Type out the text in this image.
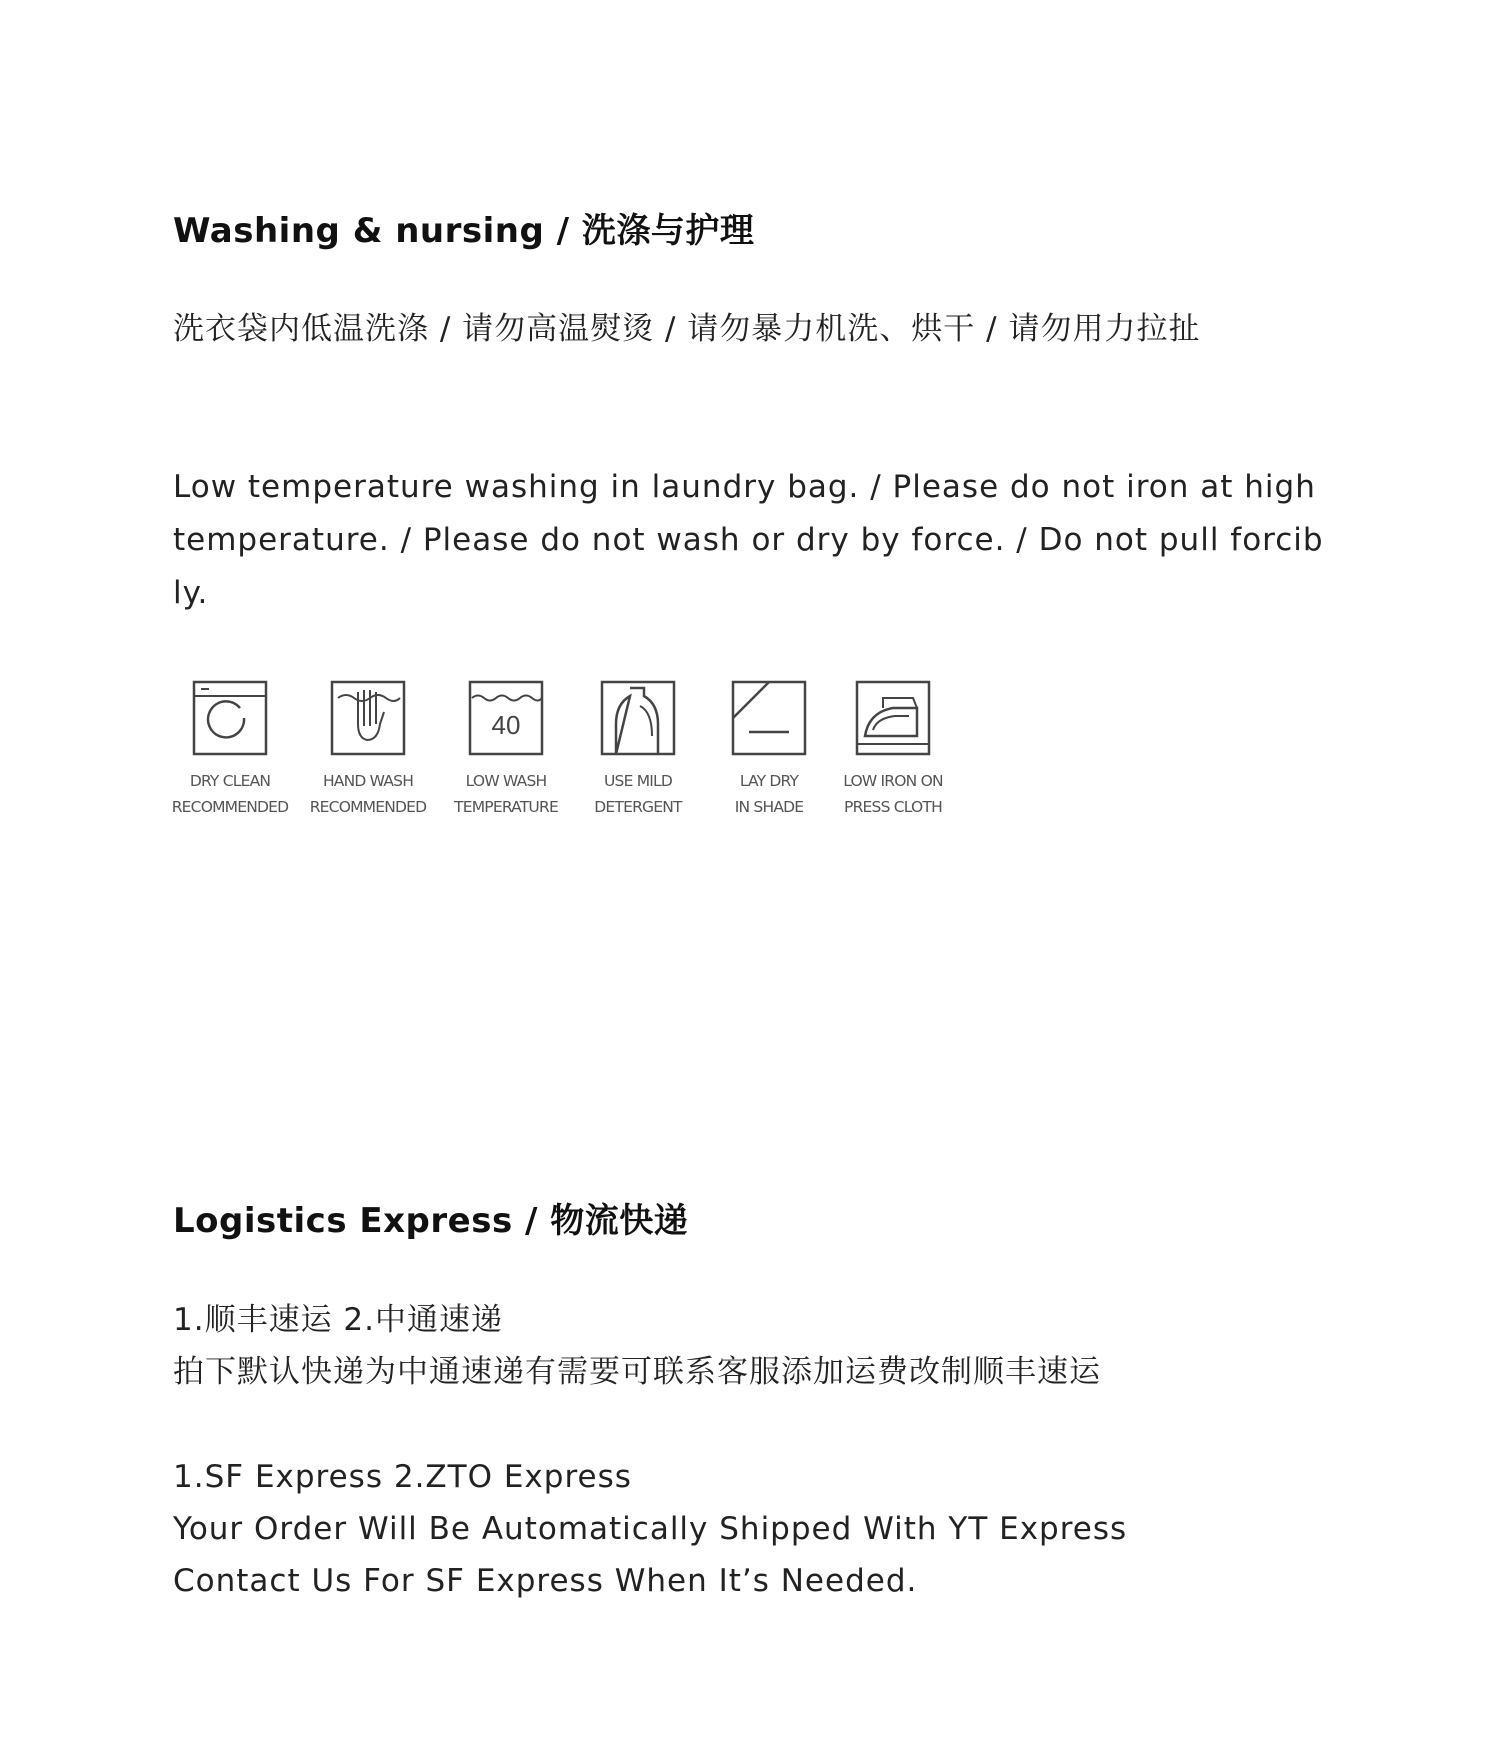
Washing & nursing / 洗涤与护理
洗衣袋内低温洗涤 / 请勿高温熨烫 / 请勿暴力机洗、烘干 / 请勿用力拉扯
Low temperature washing in laundry bag. / Please do not iron at high temperature. / Please do not wash or dry by force. / Do not pull forcibly.
DRY CLEAN
RECOMMENDED
HAND WASH
RECOMMENDED
40
LOW WASH
TEMPERATURE
USE MILD
DETERGENT
LAY DRY
IN SHADE
LOW IRON ON
PRESS CLOTH
Logistics Express / 物流快递
1.顺丰速运 2.中通速递
拍下默认快递为中通速递有需要可联系客服添加运费改制顺丰速运
1.SF Express 2.ZTO Express
Your Order Will Be Automatically Shipped With YT Express
Contact Us For SF Express When It’s Needed.
